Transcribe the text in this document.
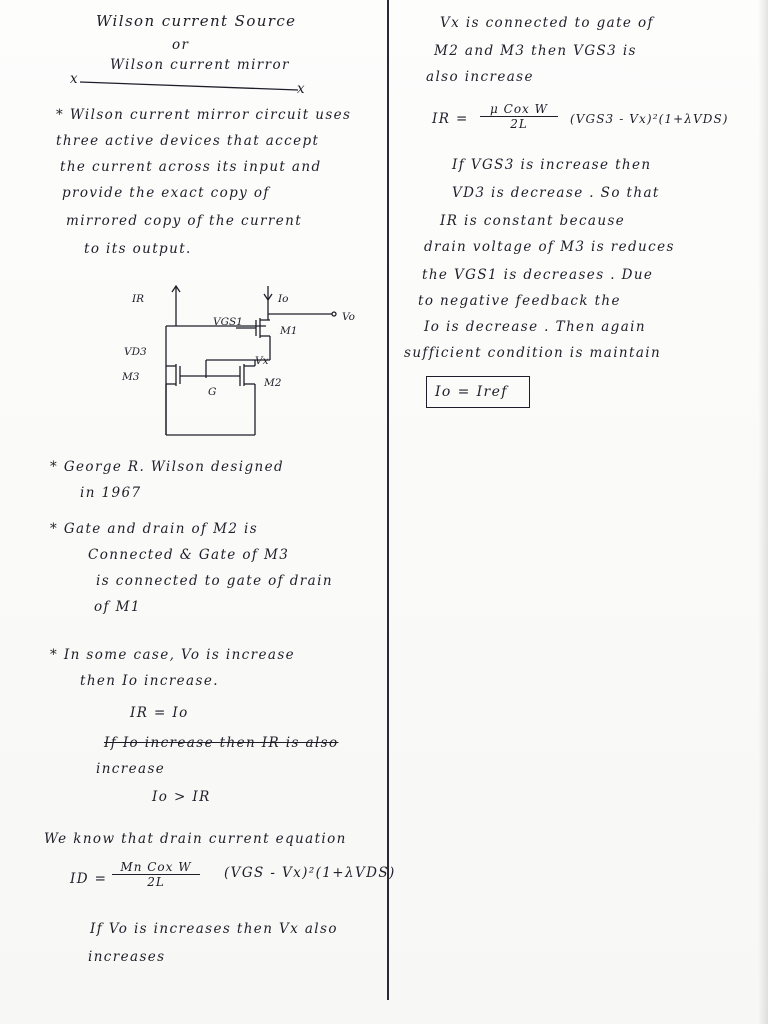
Wilson current Source
or
Wilson current mirror
x
x
* Wilson current mirror circuit uses
three active devices that accept
the current across its input and
provide the exact copy of
mirrored copy of the current
to its output.
IR	Io
Vo
VGS1
M1
Vx
VD3
M3
G
M2
* George R. Wilson designed
in 1967
* Gate and drain of M2 is
Connected & Gate of M3
is connected to gate of drain
of M1
* In some case, Vo is increase
then Io increase.
IR = Io
If Io increase then IR is also
increase
Io > IR
We know that drain current equation
ID =
Mn Cox W
2L
(VGS - Vx)²(1+λVDS)
If Vo is increases then Vx also
increases
Vx is connected to gate of
M2 and M3 then VGS3 is
also increase
IR =
μ Cox W
2L	(VGS3 - Vx)²(1+λVDS)
If VGS3 is increase then
VD3 is decrease . So that
IR is constant because
drain voltage of M3 is reduces
the VGS1 is decreases . Due
to negative feedback the
Io is decrease . Then again
sufficient condition is maintain
Io = Iref
